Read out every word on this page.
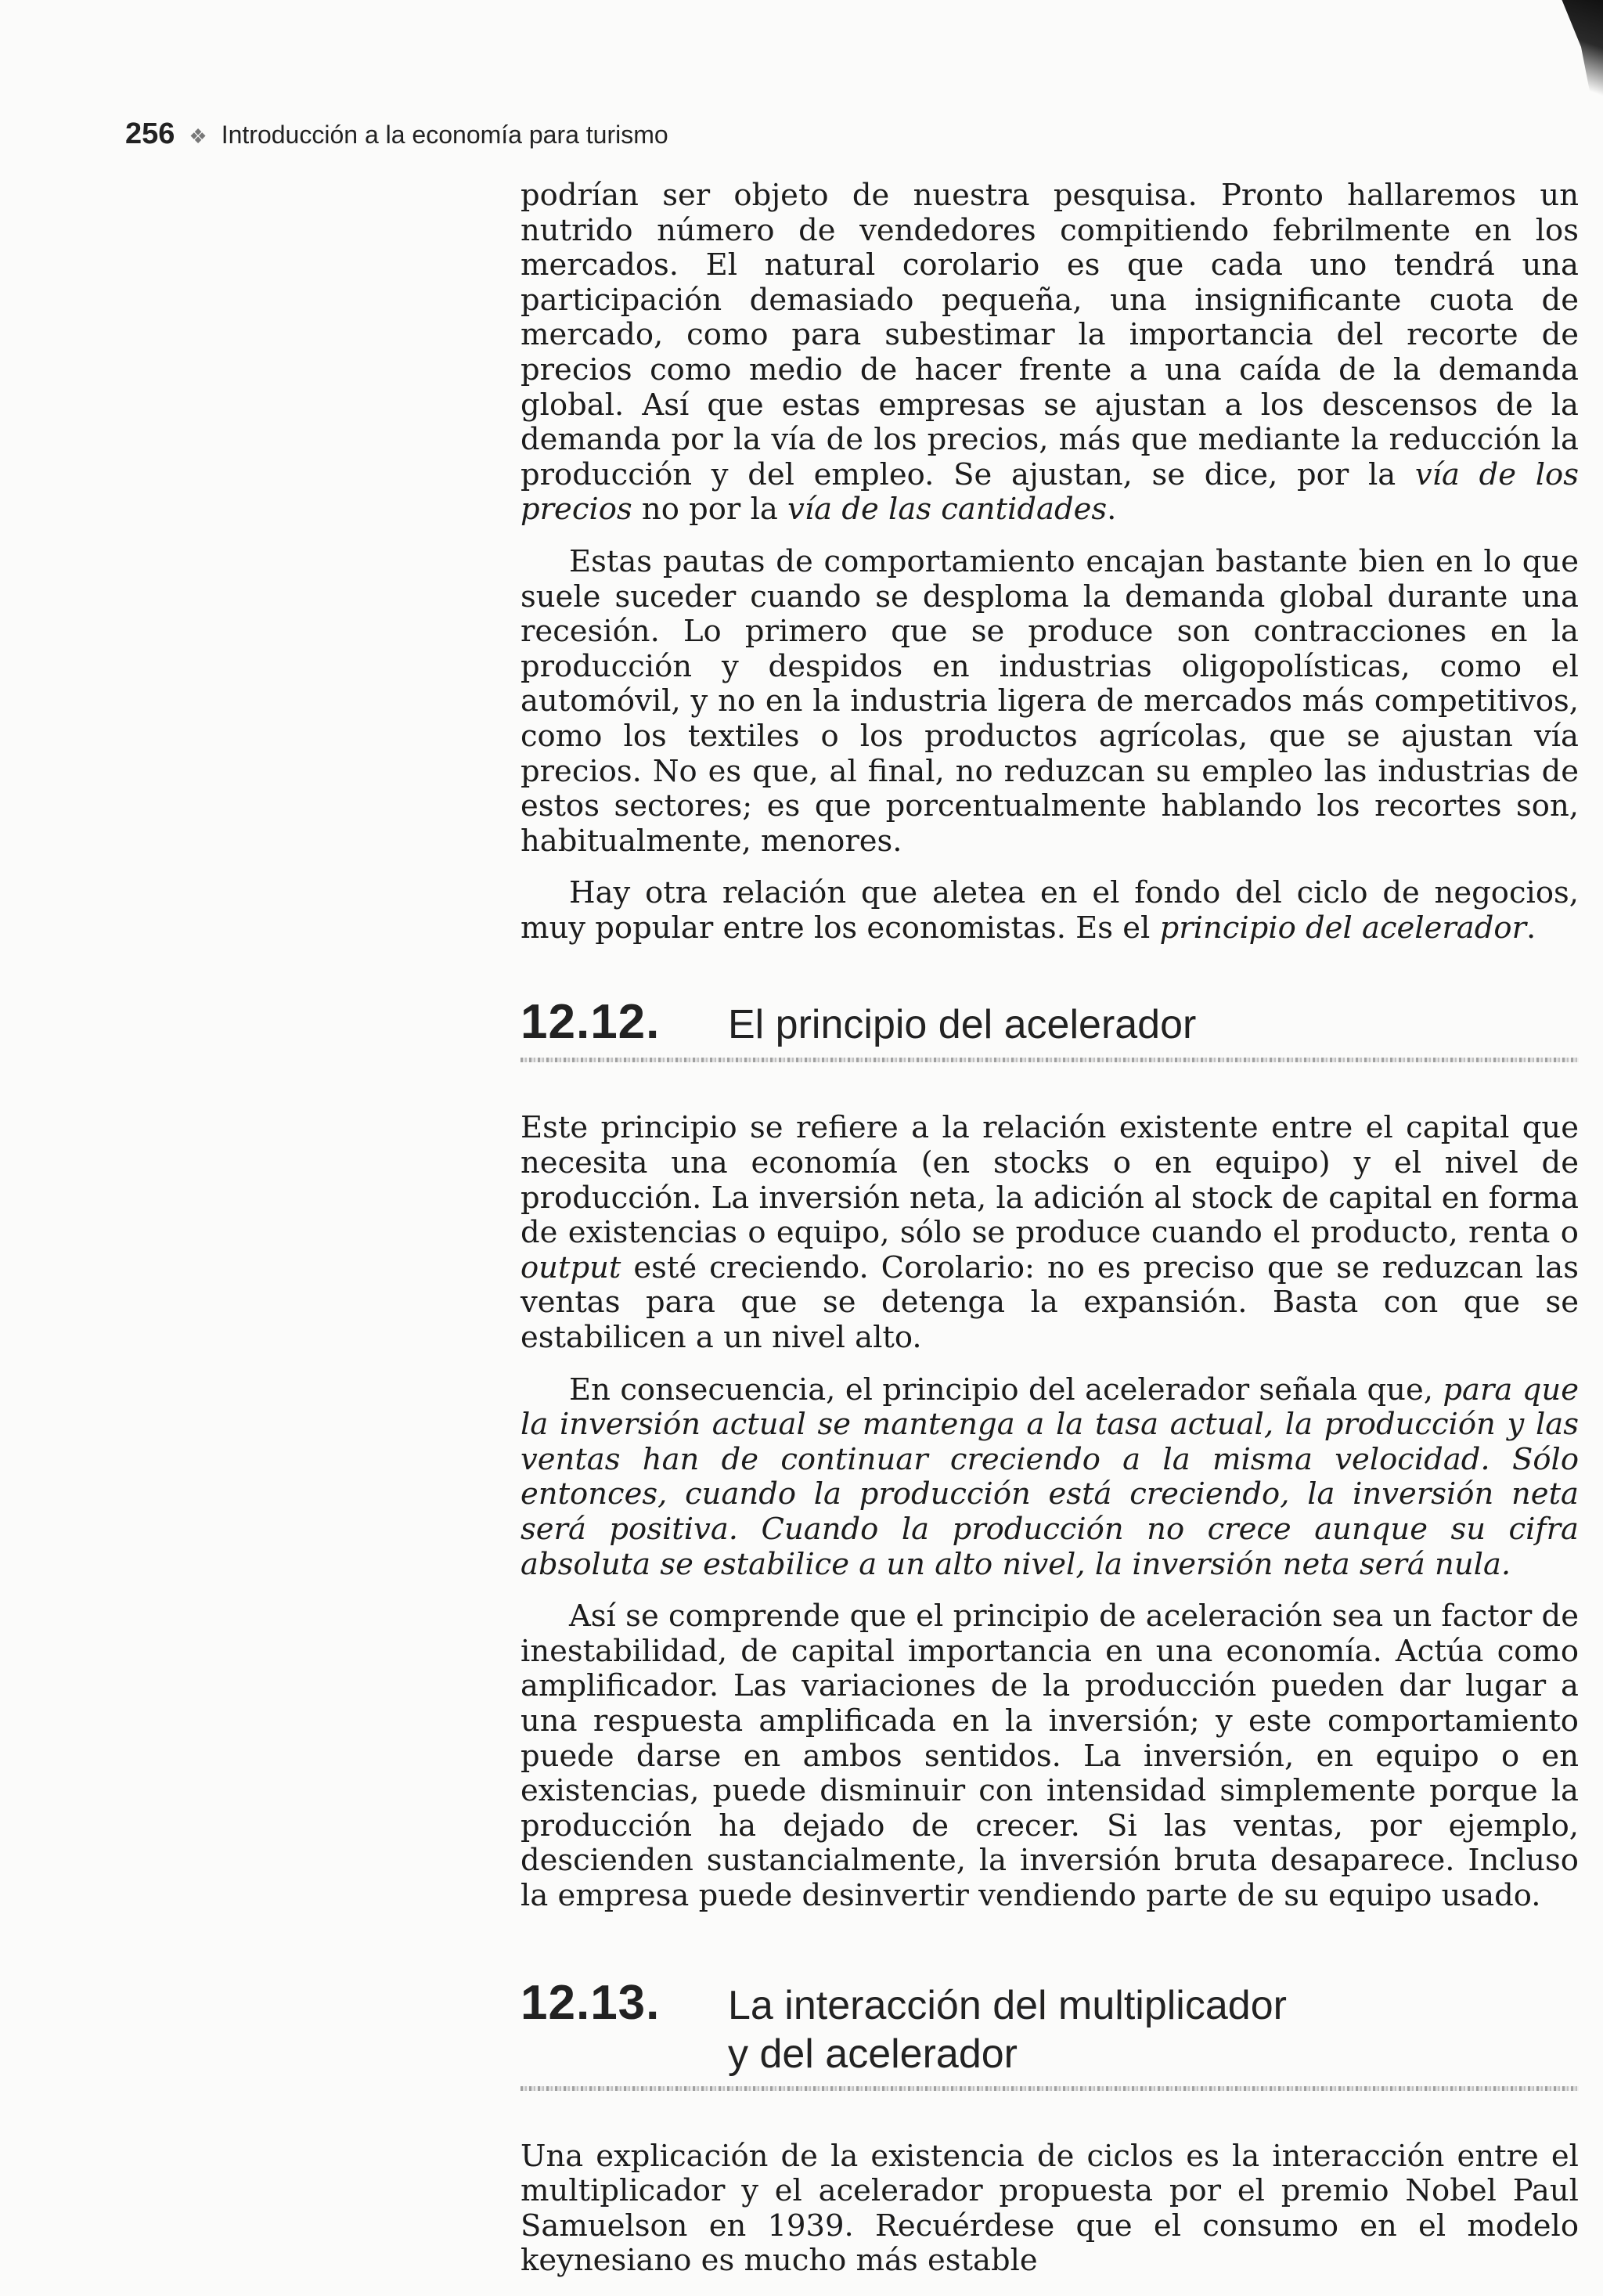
256 ❖ Introducción a la economía para turismo

podrían ser objeto de nuestra pesquisa. Pronto hallaremos un nutrido número de vendedores compitiendo febrilmente en los mercados. El natural corolario es que cada uno tendrá una participación demasiado pequeña, una insignificante cuota de mercado, como para subestimar la importancia del recorte de precios como medio de hacer frente a una caída de la demanda global. Así que estas empresas se ajustan a los descensos de la demanda por la vía de los precios, más que mediante la reducción la producción y del empleo. Se ajustan, se dice, por la vía de los precios no por la vía de las cantidades.

Estas pautas de comportamiento encajan bastante bien en lo que suele suceder cuando se desploma la demanda global durante una recesión. Lo primero que se produce son contracciones en la producción y despidos en industrias oligopolísticas, como el automóvil, y no en la industria ligera de mercados más competitivos, como los textiles o los productos agrícolas, que se ajustan vía precios. No es que, al final, no reduzcan su empleo las industrias de estos sectores; es que porcentualmente hablando los recortes son, habitualmente, menores.

Hay otra relación que aletea en el fondo del ciclo de negocios, muy popular entre los economistas. Es el principio del acelerador.

12.12.	El principio del acelerador

Este principio se refiere a la relación existente entre el capital que necesita una economía (en stocks o en equipo) y el nivel de producción. La inversión neta, la adición al stock de capital en forma de existencias o equipo, sólo se produce cuando el producto, renta o output esté creciendo. Corolario: no es preciso que se reduzcan las ventas para que se detenga la expansión. Basta con que se estabilicen a un nivel alto.

En consecuencia, el principio del acelerador señala que, para que la inversión actual se mantenga a la tasa actual, la producción y las ventas han de continuar creciendo a la misma velocidad. Sólo entonces, cuando la producción está creciendo, la inversión neta será positiva. Cuando la producción no crece aunque su cifra absoluta se estabilice a un alto nivel, la inversión neta será nula.

Así se comprende que el principio de aceleración sea un factor de inestabilidad, de capital importancia en una economía. Actúa como amplificador. Las variaciones de la producción pueden dar lugar a una respuesta amplificada en la inversión; y este comportamiento puede darse en ambos sentidos. La inversión, en equipo o en existencias, puede disminuir con intensidad simplemente porque la producción ha dejado de crecer. Si las ventas, por ejemplo, descienden sustancialmente, la inversión bruta desaparece. Incluso la empresa puede desinvertir vendiendo parte de su equipo usado.

12.13.	La interacción del multiplicador
y del acelerador

Una explicación de la existencia de ciclos es la interacción entre el multiplicador y el acelerador propuesta por el premio Nobel Paul Samuelson en 1939. Recuérdese que el consumo en el modelo keynesiano es mucho más estable
